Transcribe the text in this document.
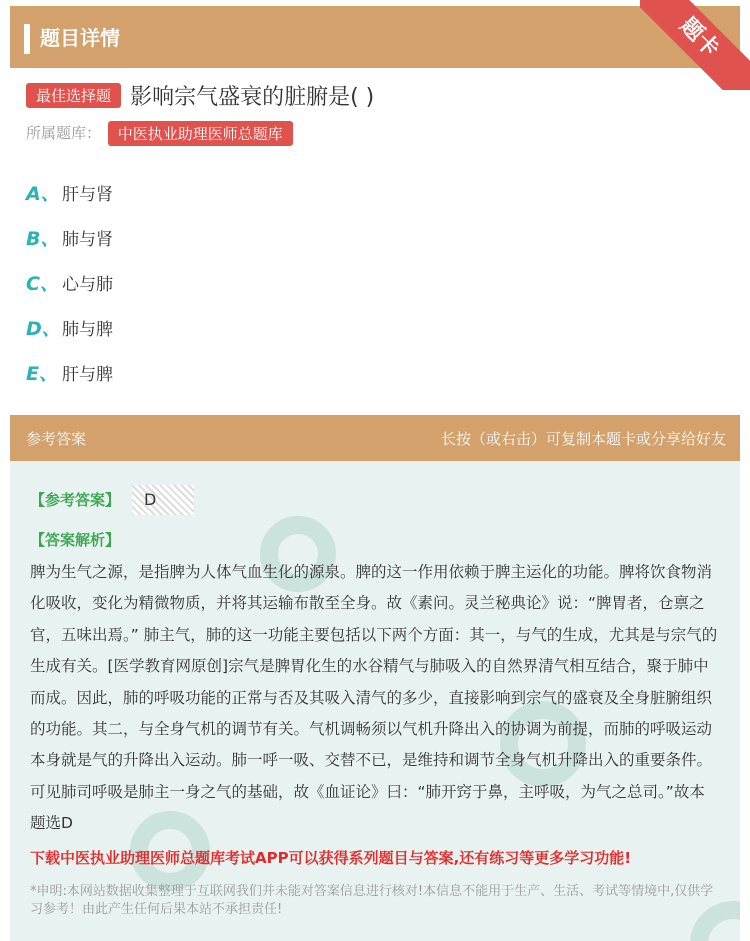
题目详情	题卡
最佳选择题 影响宗气盛衰的脏腑是( )
所属题库： 中医执业助理医师总题库
A、 肝与肾
B、 肺与肾
C、 心与肺
D、 肺与脾
E、 肝与脾
参考答案	长按（或右击）可复制本题卡或分享给好友
【参考答案】	D
【答案解析】
脾为生气之源，是指脾为人体气血生化的源泉。脾的这一作用依赖于脾主运化的功能。脾将饮食物消化吸收，变化为精微物质，并将其运输布散至全身。故《素问。灵兰秘典论》说：“脾胃者，仓禀之官，五味出焉。” 肺主气，肺的这一功能主要包括以下两个方面：其一，与气的生成，尤其是与宗气的生成有关。[医学教育网原创]宗气是脾胃化生的水谷精气与肺吸入的自然界清气相互结合，聚于肺中而成。因此，肺的呼吸功能的正常与否及其吸入清气的多少，直接影响到宗气的盛衰及全身脏腑组织的功能。其二，与全身气机的调节有关。气机调畅须以气机升降出入的协调为前提，而肺的呼吸运动本身就是气的升降出入运动。肺一呼一吸、交替不已，是维持和调节全身气机升降出入的重要条件。可见肺司呼吸是肺主一身之气的基础，故《血证论》曰：“肺开窍于鼻，主呼吸，为气之总司。”故本题选D
下载中医执业助理医师总题库考试APP可以获得系列题目与答案,还有练习等更多学习功能!
*申明:本网站数据收集整理于互联网我们并未能对答案信息进行核对!本信息不能用于生产、生活、考试等情境中,仅供学习参考！由此产生任何后果本站不承担责任!
